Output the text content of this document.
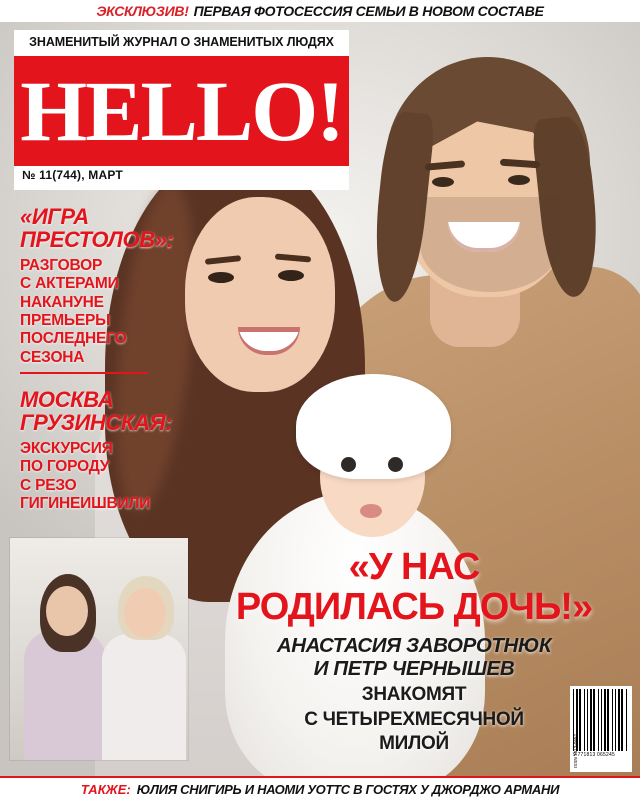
ЭКСКЛЮЗИВ! ПЕРВАЯ ФОТОСЕССИЯ СЕМЬИ В НОВОМ СОСТАВЕ
ЗНАМЕНИТЫЙ ЖУРНАЛ О ЗНАМЕНИТЫХ ЛЮДЯХ
HELLO!
№ 11(744), МАРТ
«ИГРА
ПРЕСТОЛОВ»:
РАЗГОВОР
С АКТЕРАМИ
НАКАНУНЕ
ПРЕМЬЕРЫ
ПОСЛЕДНЕГО
СЕЗОНА
МОСКВА
ГРУЗИНСКАЯ:
ЭКСКУРСИЯ
ПО ГОРОДУ
С РЕЗО
ГИГИНЕИШВИЛИ
«У НАС
РОДИЛАСЬ ДОЧЬ!»
АНАСТАСИЯ ЗАВОРОТНЮК
И ПЕТР ЧЕРНЫШЕВ
ЗНАКОМЯТ
С ЧЕТЫРЕХМЕСЯЧНОЙ
МИЛОЙ
9 771813 065245
ISSN 1813-0652
ТАКЖЕ: ЮЛИЯ СНИГИРЬ И НАОМИ УОТТС В ГОСТЯХ У ДЖОРДЖО АРМАНИ
